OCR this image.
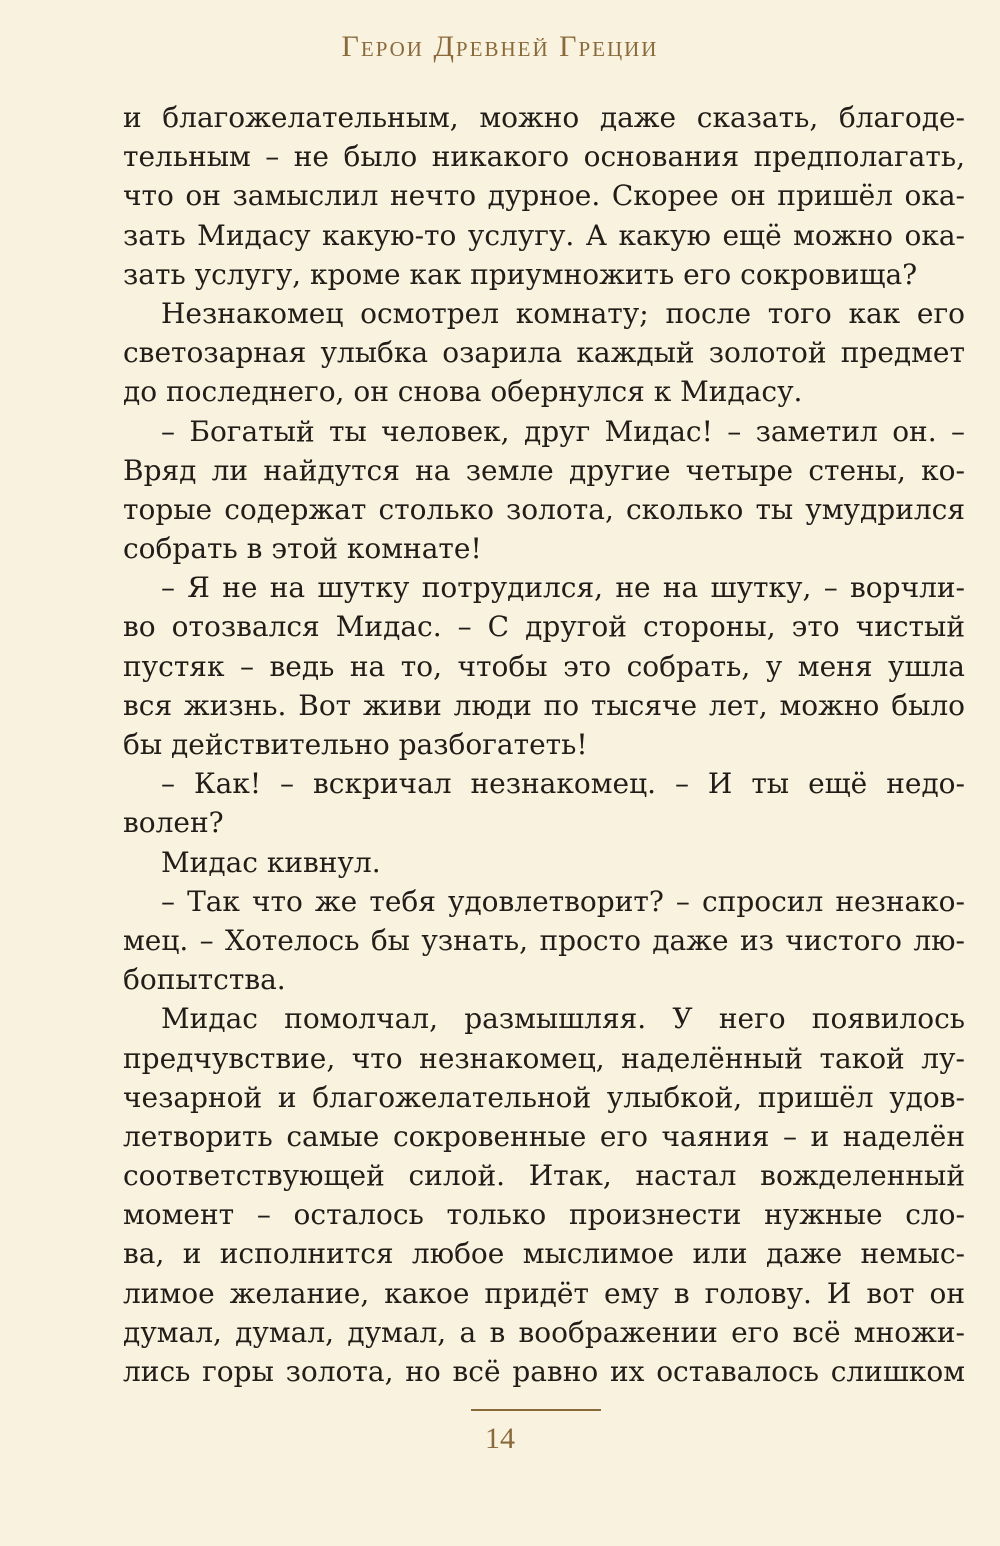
Герои Древней Греции
и благожелательным, можно даже сказать, благоде-
тельным – не было никакого основания предполагать,
что он замыслил нечто дурное. Скорее он пришёл ока-
зать Мидасу какую-то услугу. А какую ещё можно ока-
зать услугу, кроме как приумножить его сокровища?
Незнакомец осмотрел комнату; после того как его
светозарная улыбка озарила каждый золотой предмет
до последнего, он снова обернулся к Мидасу.
– Богатый ты человек, друг Мидас! – заметил он. –
Вряд ли найдутся на земле другие четыре стены, ко-
торые содержат столько золота, сколько ты умудрился
собрать в этой комнате!
– Я не на шутку потрудился, не на шутку, – ворчли-
во отозвался Мидас. – С другой стороны, это чистый
пустяк – ведь на то, чтобы это собрать, у меня ушла
вся жизнь. Вот живи люди по тысяче лет, можно было
бы действительно разбогатеть!
– Как! – вскричал незнакомец. – И ты ещё недо-
волен?
Мидас кивнул.
– Так что же тебя удовлетворит? – спросил незнако-
мец. – Хотелось бы узнать, просто даже из чистого лю-
бопытства.
Мидас помолчал, размышляя. У него появилось
предчувствие, что незнакомец, наделённый такой лу-
чезарной и благожелательной улыбкой, пришёл удов-
летворить самые сокровенные его чаяния – и наделён
соответствующей силой. Итак, настал вожделенный
момент – осталось только произнести нужные сло-
ва, и исполнится любое мыслимое или даже немыс-
лимое желание, какое придёт ему в голову. И вот он
думал, думал, думал, а в воображении его всё множи-
лись горы золота, но всё равно их оставалось слишком
14
